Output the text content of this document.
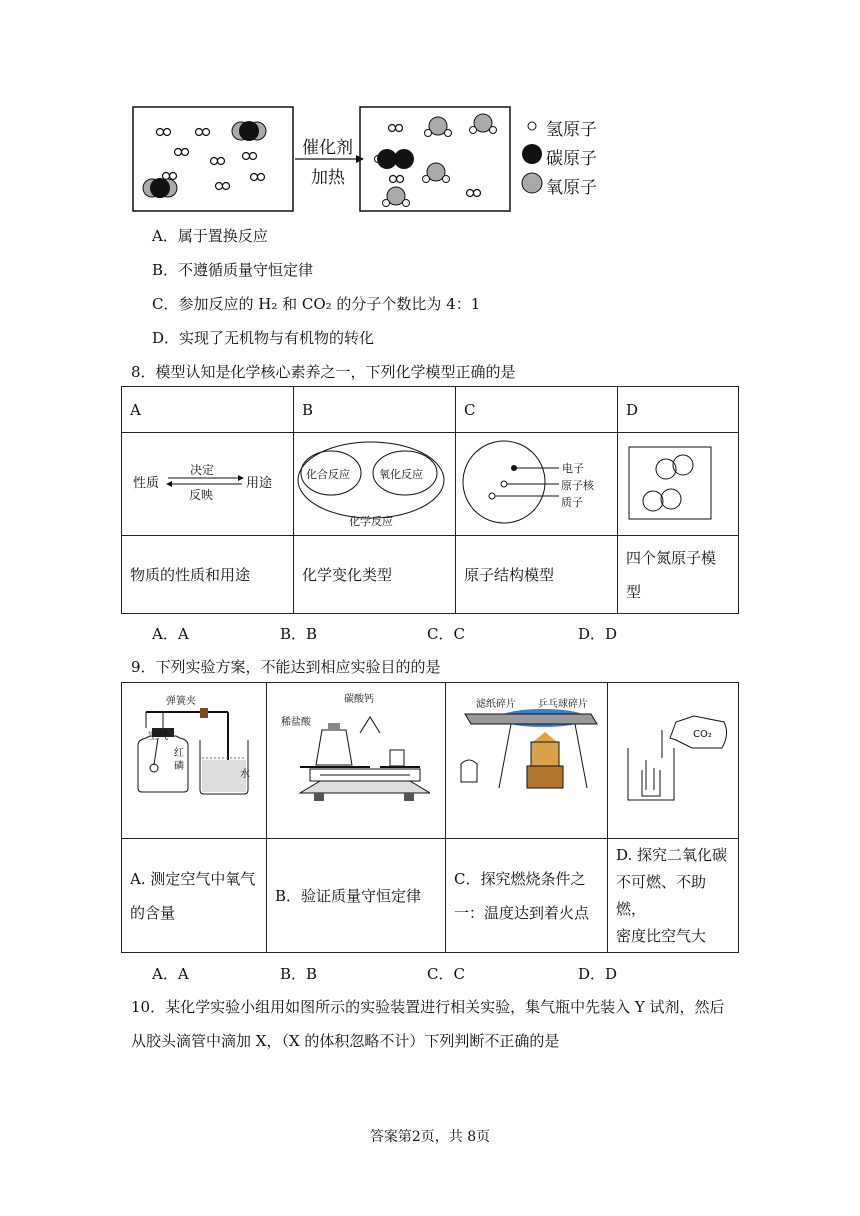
催化剂
加热
氢原子
碳原子
氧原子
A．属于置换反应
B．不遵循质量守恒定律
C．参加反应的 H₂ 和 CO₂ 的分子个数比为 4：1
D．实现了无机物与有机物的转化
8．模型认知是化学核心素养之一，下列化学模型正确的是
A	B	C	D

物质的性质和用途	化学变化类型	原子结构模型	四个氮原子模
型
性质
决定
反映
用途
化合反应	氧化反应
化学反应
电子
原子核
质子
A．A	B．B	C．C	D．D
9．下列实验方案，不能达到相应实验目的的是

A. 测定空气中氧气
的含量	B．验证质量守恒定律	C．探究燃烧条件之
一：温度达到着火点	D. 探究二氧化碳
不可燃、不助燃，
密度比空气大
弹簧夹
空气
红
磷
水
碳酸钙
稀盐酸
滤纸碎片 乒乓球碎片
CO₂
A．A	B．B	C．C	D．D
10．某化学实验小组用如图所示的实验装置进行相关实验，集气瓶中先装入 Y 试剂，然后
从胶头滴管中滴加 X，（X 的体积忽略不计）下列判断不正确的是
答案第2页，共 8页
